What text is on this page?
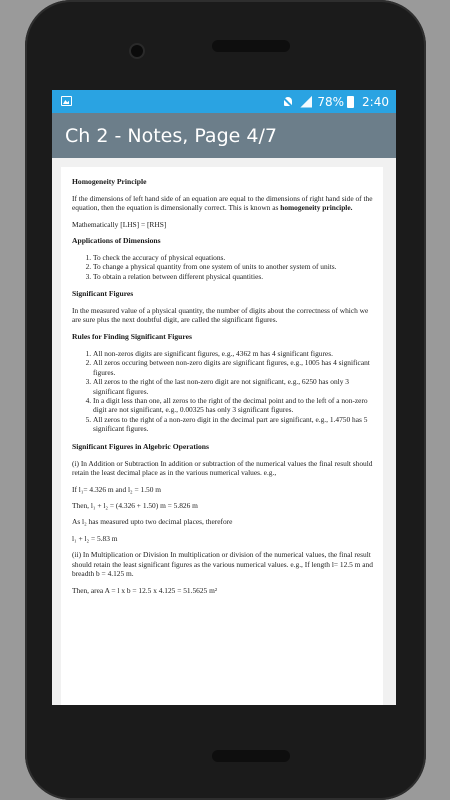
78% 2:40
Ch 2 - Notes, Page 4/7
Homogeneity Principle

If the dimensions of left hand side of an equation are equal to the dimensions of right hand side of the equation, then the equation is dimensionally correct. This is known as homogeneity principle.

Mathematically [LHS] = [RHS]

Applications of Dimensions
1. To check the accuracy of physical equations.
2. To change a physical quantity from one system of units to another system of units.
3. To obtain a relation between different physical quantities.
Significant Figures

In the measured value of a physical quantity, the number of digits about the correctness of which we are sure plus the next doubtful digit, are called the significant figures.

Rules for Finding Significant Figures
1. All non-zeros digits are significant figures, e.g., 4362 m has 4 significant figures.
2. All zeros occuring between non-zero digits are significant figures, e.g., 1005 has 4 significant figures.
3. All zeros to the right of the last non-zero digit are not significant, e.g., 6250 has only 3 significant figures.
4. In a digit less than one, all zeros to the right of the decimal point and to the left of a non-zero digit are not significant, e.g., 0.00325 has only 3 significant figures.
5. All zeros to the right of a non-zero digit in the decimal part are significant, e.g., 1.4750 has 5 significant figures.
Significant Figures in Algebric Operations

(i) In Addition or Subtraction In addition or subtraction of the numerical values the final result should retain the least decimal place as in the various numerical values. e.g.,

If l₁= 4.326 m and l₂ = 1.50 m

Then, l₁ + l₂ = (4.326 + 1.50) m = 5.826 m

As l₂ has measured upto two decimal places, therefore

l₁ + l₂ = 5.83 m

(ii) In Multiplication or Division In multiplication or division of the numerical values, the final result should retain the least significant figures as the various numerical values. e.g., If length l= 12.5 m and breadth b = 4.125 m.

Then, area A = l x b = 12.5 x 4.125 = 51.5625 m²
